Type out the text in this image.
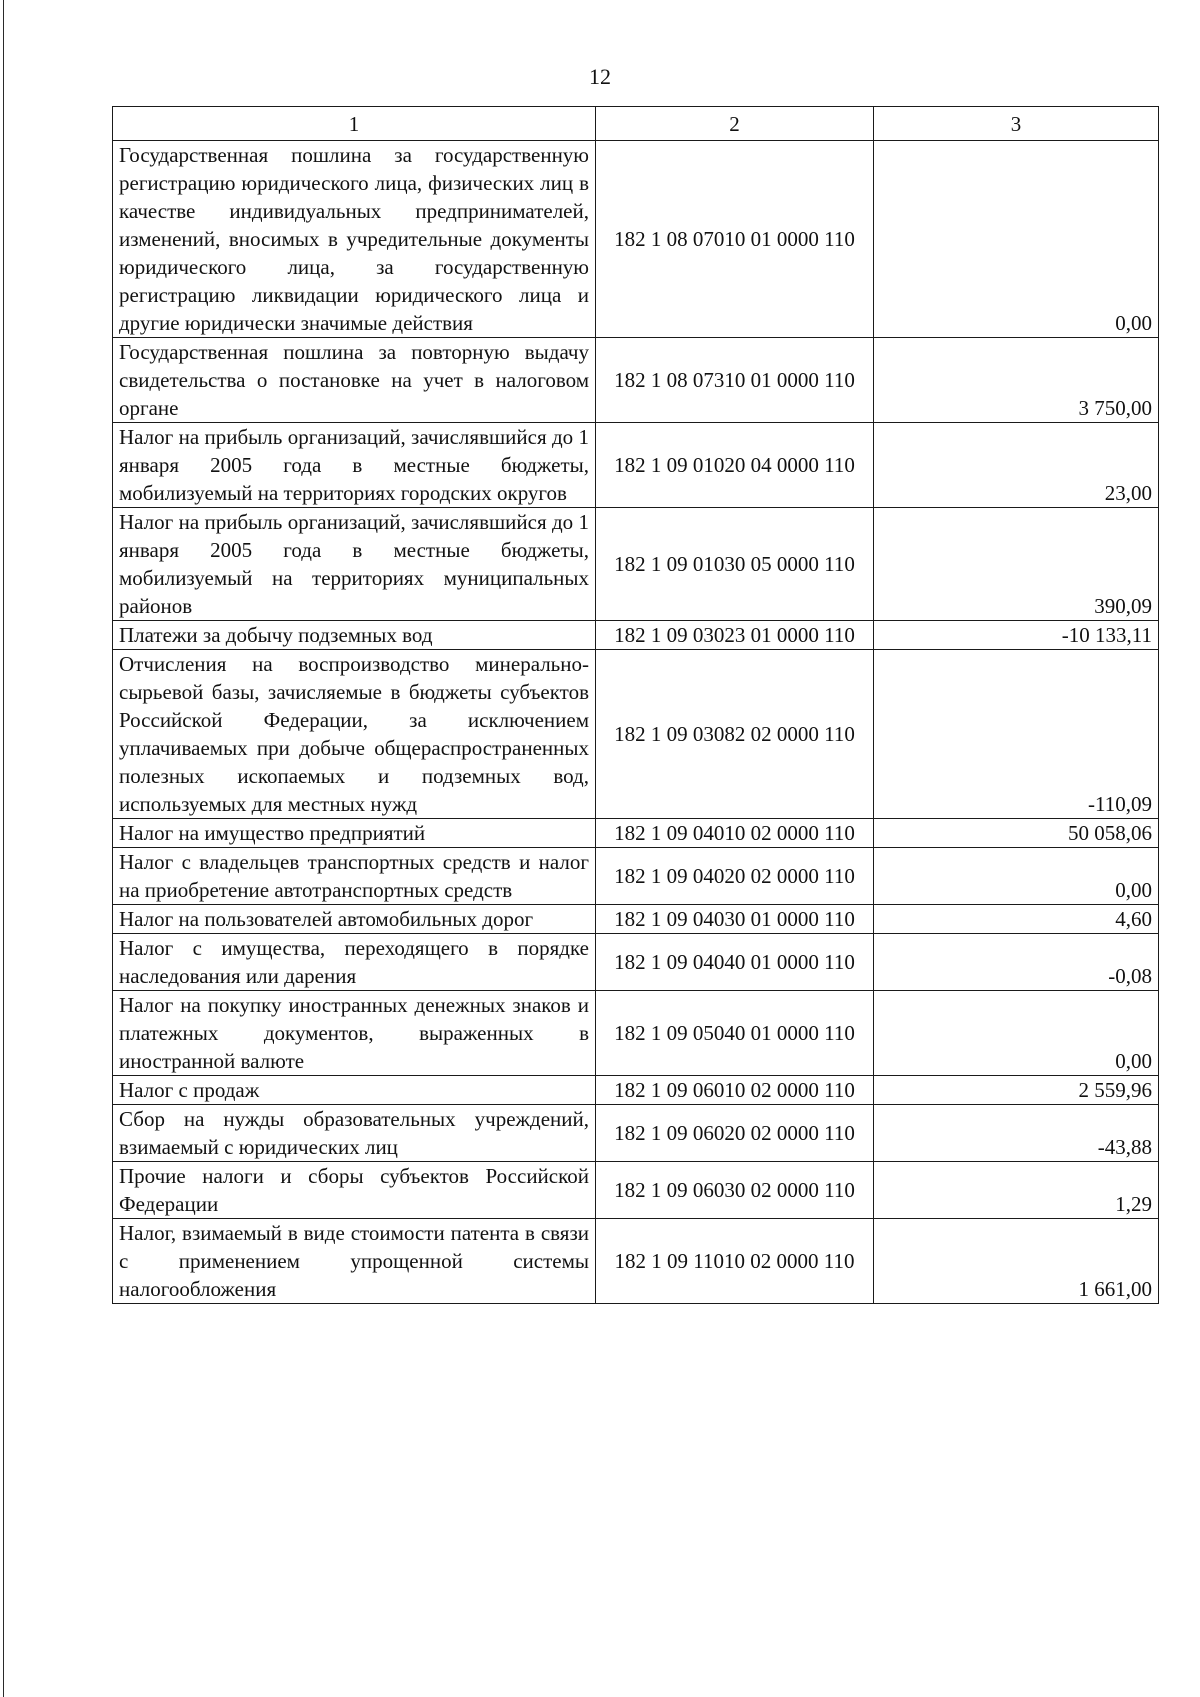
12
1	2	3
Государственная пошлина за государственную регистрацию юридического лица, физических лиц в качестве индивидуальных предпринимателей, изменений, вносимых в учредительные документы юридического лица, за государственную регистрацию ликвидации юридического лица и другие юридически значимые действия	182 1 08 07010 01 0000 110	0,00
Государственная пошлина за повторную выдачу свидетельства о постановке на учет в налоговом органе	182 1 08 07310 01 0000 110	3 750,00
Налог на прибыль организаций, зачислявшийся до 1 января 2005 года в местные бюджеты, мобилизуемый на территориях городских округов	182 1 09 01020 04 0000 110	23,00
Налог на прибыль организаций, зачислявшийся до 1 января 2005 года в местные бюджеты, мобилизуемый на территориях муниципальных районов	182 1 09 01030 05 0000 110	390,09
Платежи за добычу подземных вод	182 1 09 03023 01 0000 110	-10 133,11
Отчисления на воспроизводство минерально-сырьевой базы, зачисляемые в бюджеты субъектов Российской Федерации, за исключением уплачиваемых при добыче общераспространенных полезных ископаемых и подземных вод, используемых для местных нужд	182 1 09 03082 02 0000 110	-110,09
Налог на имущество предприятий	182 1 09 04010 02 0000 110	50 058,06
Налог с владельцев транспортных средств и налог на приобретение автотранспортных средств	182 1 09 04020 02 0000 110	0,00
Налог на пользователей автомобильных дорог	182 1 09 04030 01 0000 110	4,60
Налог с имущества, переходящего в порядке наследования или дарения	182 1 09 04040 01 0000 110	-0,08
Налог на покупку иностранных денежных знаков и платежных документов, выраженных в иностранной валюте	182 1 09 05040 01 0000 110	0,00
Налог с продаж	182 1 09 06010 02 0000 110	2 559,96
Сбор на нужды образовательных учреждений, взимаемый с юридических лиц	182 1 09 06020 02 0000 110	-43,88
Прочие налоги и сборы субъектов Российской Федерации	182 1 09 06030 02 0000 110	1,29
Налог, взимаемый в виде стоимости патента в связи с применением упрощенной системы налогообложения	182 1 09 11010 02 0000 110	1 661,00
